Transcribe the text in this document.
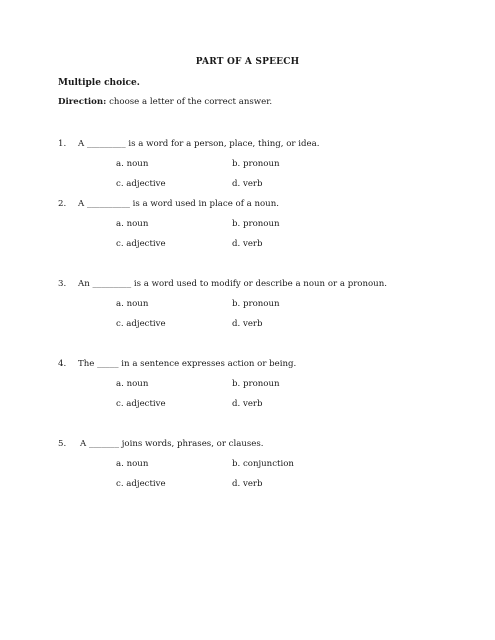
PART OF A SPEECH
Multiple choice.
Direction: choose a letter of the correct answer.
1. A _________ is a word for a person, place, thing, or idea.
a. noun	b. pronoun
c. adjective	d. verb
2. A __________ is a word used in place of a noun.
a. noun	b. pronoun
c. adjective	d. verb
3. An _________ is a word used to modify or describe a noun or a pronoun.
a. noun	b. pronoun
c. adjective	d. verb
4. The _____ in a sentence expresses action or being.
a. noun	b. pronoun
c. adjective	d. verb
5. A _______ joins words, phrases, or clauses.
a. noun	b. conjunction
c. adjective	d. verb
